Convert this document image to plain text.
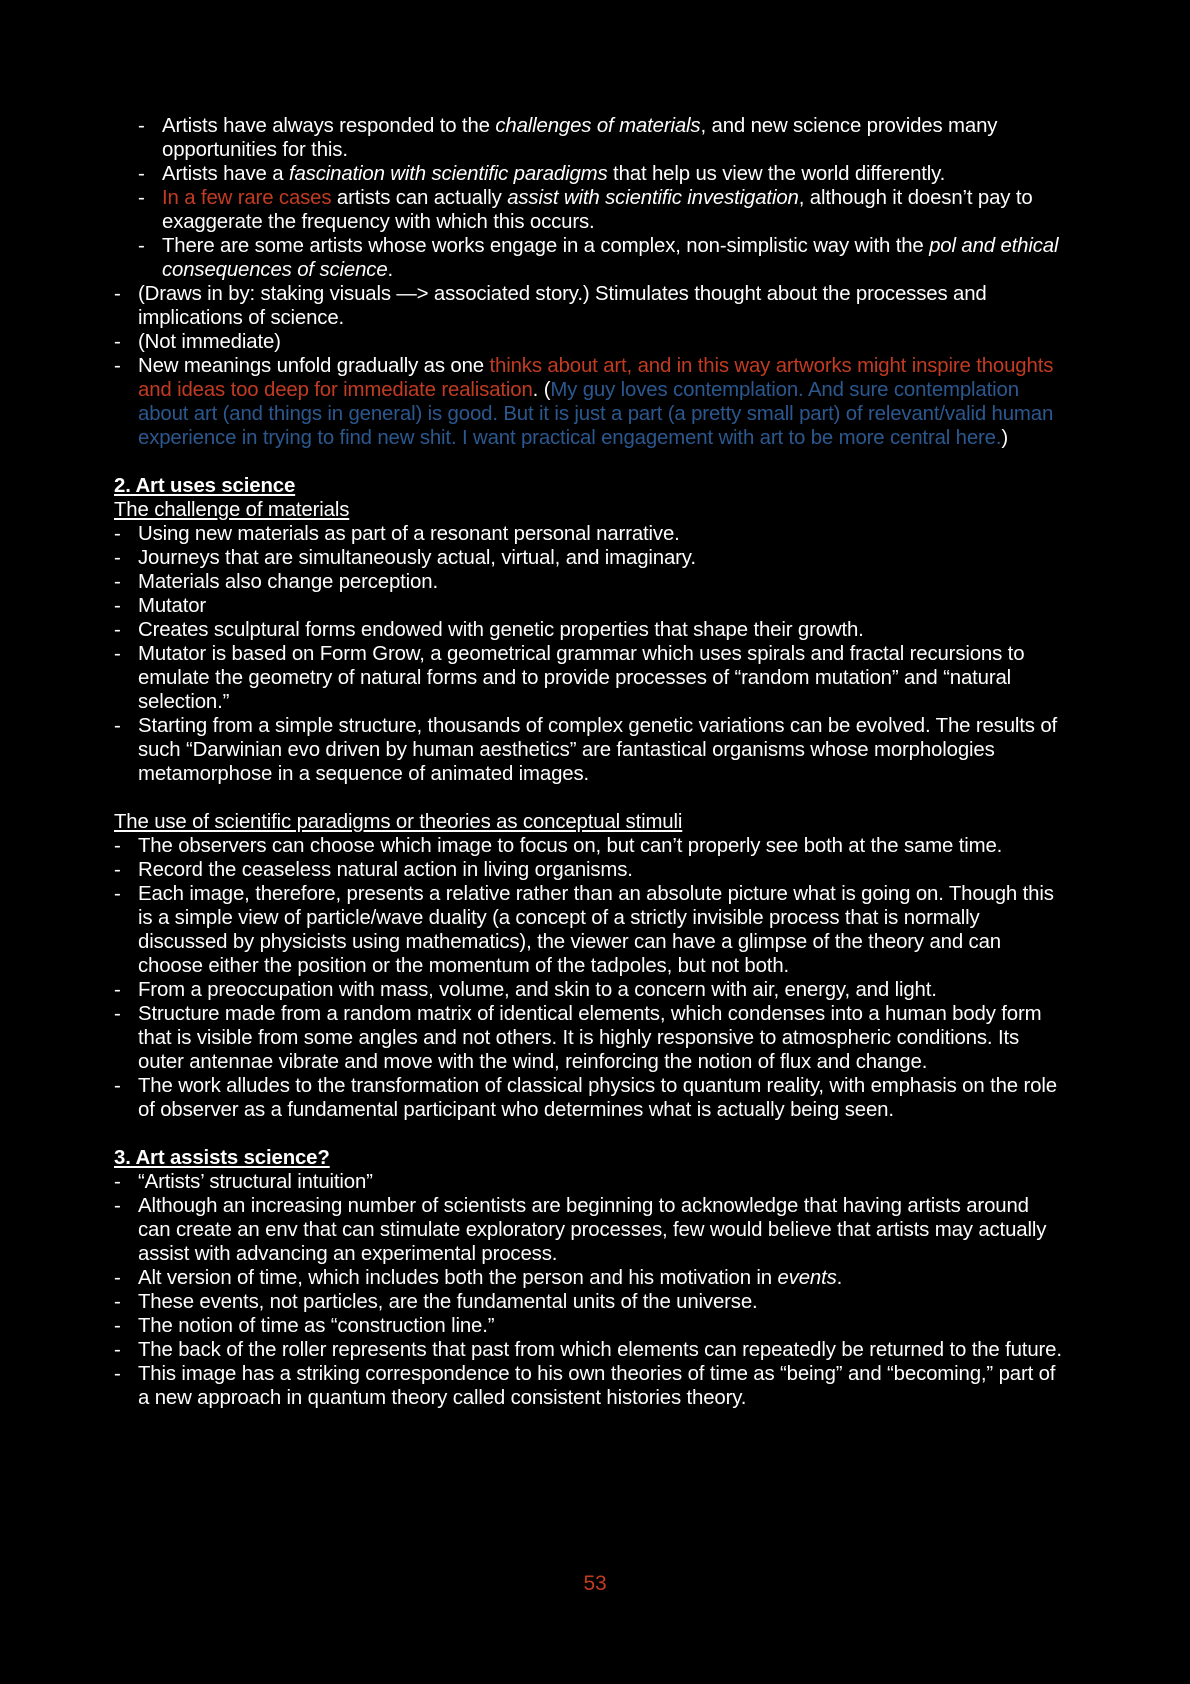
- Artists have always responded to the challenges of materials, and new science provides many opportunities for this.
- Artists have a fascination with scientific paradigms that help us view the world differently.
- In a few rare cases artists can actually assist with scientific investigation, although it doesn’t pay to exaggerate the frequency with which this occurs.
- There are some artists whose works engage in a complex, non-simplistic way with the pol and ethical consequences of science.
- (Draws in by: staking visuals —> associated story.) Stimulates thought about the processes and implications of science.
- (Not immediate)
- New meanings unfold gradually as one thinks about art, and in this way artworks might inspire thoughts and ideas too deep for immediate realisation. (My guy loves contemplation. And sure contemplation about art (and things in general) is good. But it is just a part (a pretty small part) of relevant/valid human experience in trying to find new shit. I want practical engagement with art to be more central here.)
2. Art uses science
The challenge of materials
- Using new materials as part of a resonant personal narrative.
- Journeys that are simultaneously actual, virtual, and imaginary.
- Materials also change perception.
- Mutator
- Creates sculptural forms endowed with genetic properties that shape their growth.
- Mutator is based on Form Grow, a geometrical grammar which uses spirals and fractal recursions to emulate the geometry of natural forms and to provide processes of “random mutation” and “natural selection.”
- Starting from a simple structure, thousands of complex genetic variations can be evolved. The results of such “Darwinian evo driven by human aesthetics” are fantastical organisms whose morphologies metamorphose in a sequence of animated images.
The use of scientific paradigms or theories as conceptual stimuli
- The observers can choose which image to focus on, but can’t properly see both at the same time.
- Record the ceaseless natural action in living organisms.
- Each image, therefore, presents a relative rather than an absolute picture what is going on. Though this is a simple view of particle/wave duality (a concept of a strictly invisible process that is normally discussed by physicists using mathematics), the viewer can have a glimpse of the theory and can choose either the position or the momentum of the tadpoles, but not both.
- From a preoccupation with mass, volume, and skin to a concern with air, energy, and light.
- Structure made from a random matrix of identical elements, which condenses into a human body form that is visible from some angles and not others. It is highly responsive to atmospheric conditions. Its outer antennae vibrate and move with the wind, reinforcing the notion of flux and change.
- The work alludes to the transformation of classical physics to quantum reality, with emphasis on the role of observer as a fundamental participant who determines what is actually being seen.
3. Art assists science?
- “Artists’ structural intuition”
- Although an increasing number of scientists are beginning to acknowledge that having artists around can create an env that can stimulate exploratory processes, few would believe that artists may actually assist with advancing an experimental process.
- Alt version of time, which includes both the person and his motivation in events.
- These events, not particles, are the fundamental units of the universe.
- The notion of time as “construction line.”
- The back of the roller represents that past from which elements can repeatedly be returned to the future.
- This image has a striking correspondence to his own theories of time as “being” and “becoming,” part of a new approach in quantum theory called consistent histories theory.
53
